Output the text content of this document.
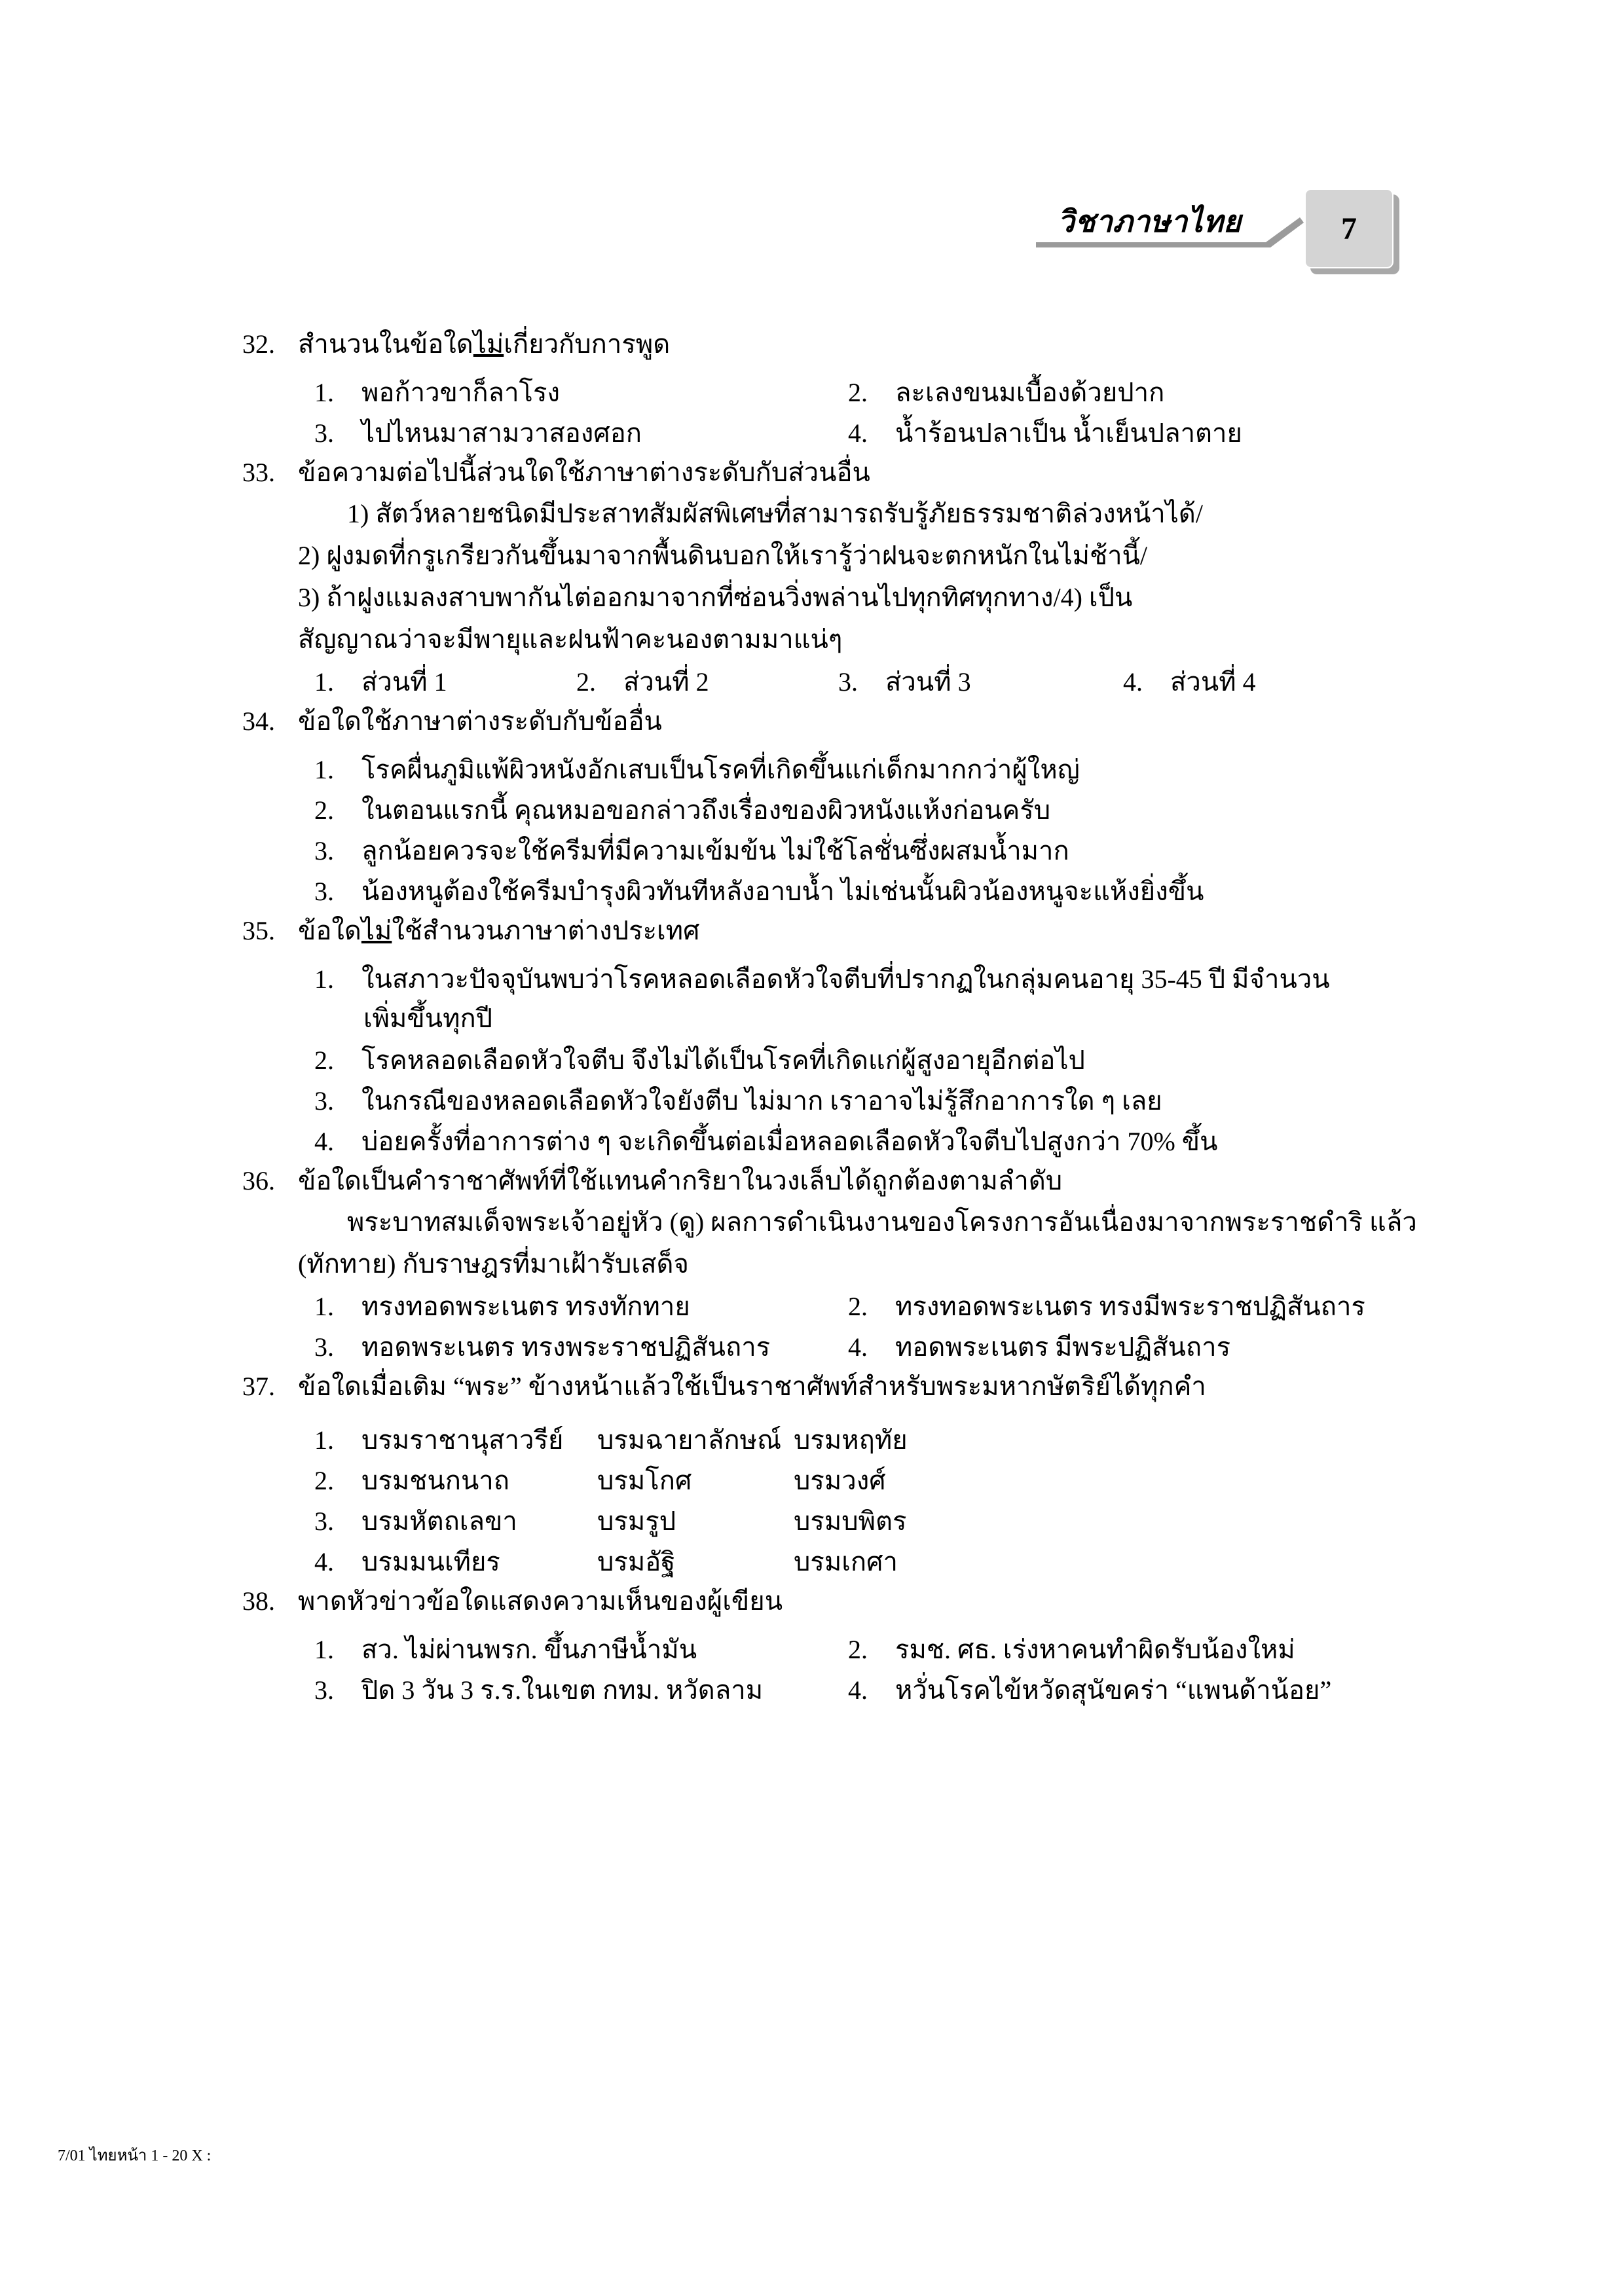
วิชาภาษาไทย	7
32. สำนวนในข้อใดไม่เกี่ยวกับการพูด
1. พอก้าวขาก็ลาโรง	2. ละเลงขนมเบื้องด้วยปาก
3. ไปไหนมาสามวาสองศอก	4. น้ำร้อนปลาเป็น น้ำเย็นปลาตาย
33. ข้อความต่อไปนี้ส่วนใดใช้ภาษาต่างระดับกับส่วนอื่น
1) สัตว์หลายชนิดมีประสาทสัมผัสพิเศษที่สามารถรับรู้ภัยธรรมชาติล่วงหน้าได้/
2) ฝูงมดที่กรูเกรียวกันขึ้นมาจากพื้นดินบอกให้เรารู้ว่าฝนจะตกหนักในไม่ช้านี้/
3) ถ้าฝูงแมลงสาบพากันไต่ออกมาจากที่ซ่อนวิ่งพล่านไปทุกทิศทุกทาง/4) เป็น
สัญญาณว่าจะมีพายุและฝนฟ้าคะนองตามมาแน่ๆ
1. ส่วนที่ 1	2. ส่วนที่ 2	3. ส่วนที่ 3	4. ส่วนที่ 4
34. ข้อใดใช้ภาษาต่างระดับกับข้ออื่น
1. โรคผื่นภูมิแพ้ผิวหนังอักเสบเป็นโรคที่เกิดขึ้นแก่เด็กมากกว่าผู้ใหญ่
2. ในตอนแรกนี้ คุณหมอขอกล่าวถึงเรื่องของผิวหนังแห้งก่อนครับ
3. ลูกน้อยควรจะใช้ครีมที่มีความเข้มข้น ไม่ใช้โลชั่นซึ่งผสมน้ำมาก
3. น้องหนูต้องใช้ครีมบำรุงผิวทันทีหลังอาบน้ำ ไม่เช่นนั้นผิวน้องหนูจะแห้งยิ่งขึ้น
35. ข้อใดไม่ใช้สำนวนภาษาต่างประเทศ
1. ในสภาวะปัจจุบันพบว่าโรคหลอดเลือดหัวใจตีบที่ปรากฏในกลุ่มคนอายุ 35-45 ปี มีจำนวน
เพิ่มขึ้นทุกปี
2. โรคหลอดเลือดหัวใจตีบ จึงไม่ได้เป็นโรคที่เกิดแก่ผู้สูงอายุอีกต่อไป
3. ในกรณีของหลอดเลือดหัวใจยังตีบ ไม่มาก เราอาจไม่รู้สึกอาการใด ๆ เลย
4. บ่อยครั้งที่อาการต่าง ๆ จะเกิดขึ้นต่อเมื่อหลอดเลือดหัวใจตีบไปสูงกว่า 70% ขึ้น
36. ข้อใดเป็นคำราชาศัพท์ที่ใช้แทนคำกริยาในวงเล็บได้ถูกต้องตามลำดับ
พระบาทสมเด็จพระเจ้าอยู่หัว (ดู) ผลการดำเนินงานของโครงการอันเนื่องมาจากพระราชดำริ แล้ว
(ทักทาย) กับราษฎรที่มาเฝ้ารับเสด็จ
1. ทรงทอดพระเนตร ทรงทักทาย	2. ทรงทอดพระเนตร ทรงมีพระราชปฏิสันถาร
3. ทอดพระเนตร ทรงพระราชปฏิสันถาร	4. ทอดพระเนตร มีพระปฏิสันถาร
37. ข้อใดเมื่อเติม “พระ” ข้างหน้าแล้วใช้เป็นราชาศัพท์สำหรับพระมหากษัตริย์ได้ทุกคำ
1. บรมราชานุสาวรีย์ บรมฉายาลักษณ์ บรมหฤทัย
2. บรมชนกนาถ	บรมโกศ	บรมวงศ์
3. บรมหัตถเลขา	บรมรูป	บรมบพิตร
4. บรมมนเทียร	บรมอัฐิ	บรมเกศา
38. พาดหัวข่าวข้อใดแสดงความเห็นของผู้เขียน
1. สว. ไม่ผ่านพรก. ขึ้นภาษีน้ำมัน	2. รมช. ศธ. เร่งหาคนทำผิดรับน้องใหม่
3. ปิด 3 วัน 3 ร.ร.ในเขต กทม. หวัดลาม	4. หวั่นโรคไข้หวัดสุนัขคร่า “แพนด้าน้อย”
7/01 ไทยหน้า 1 - 20 X :
